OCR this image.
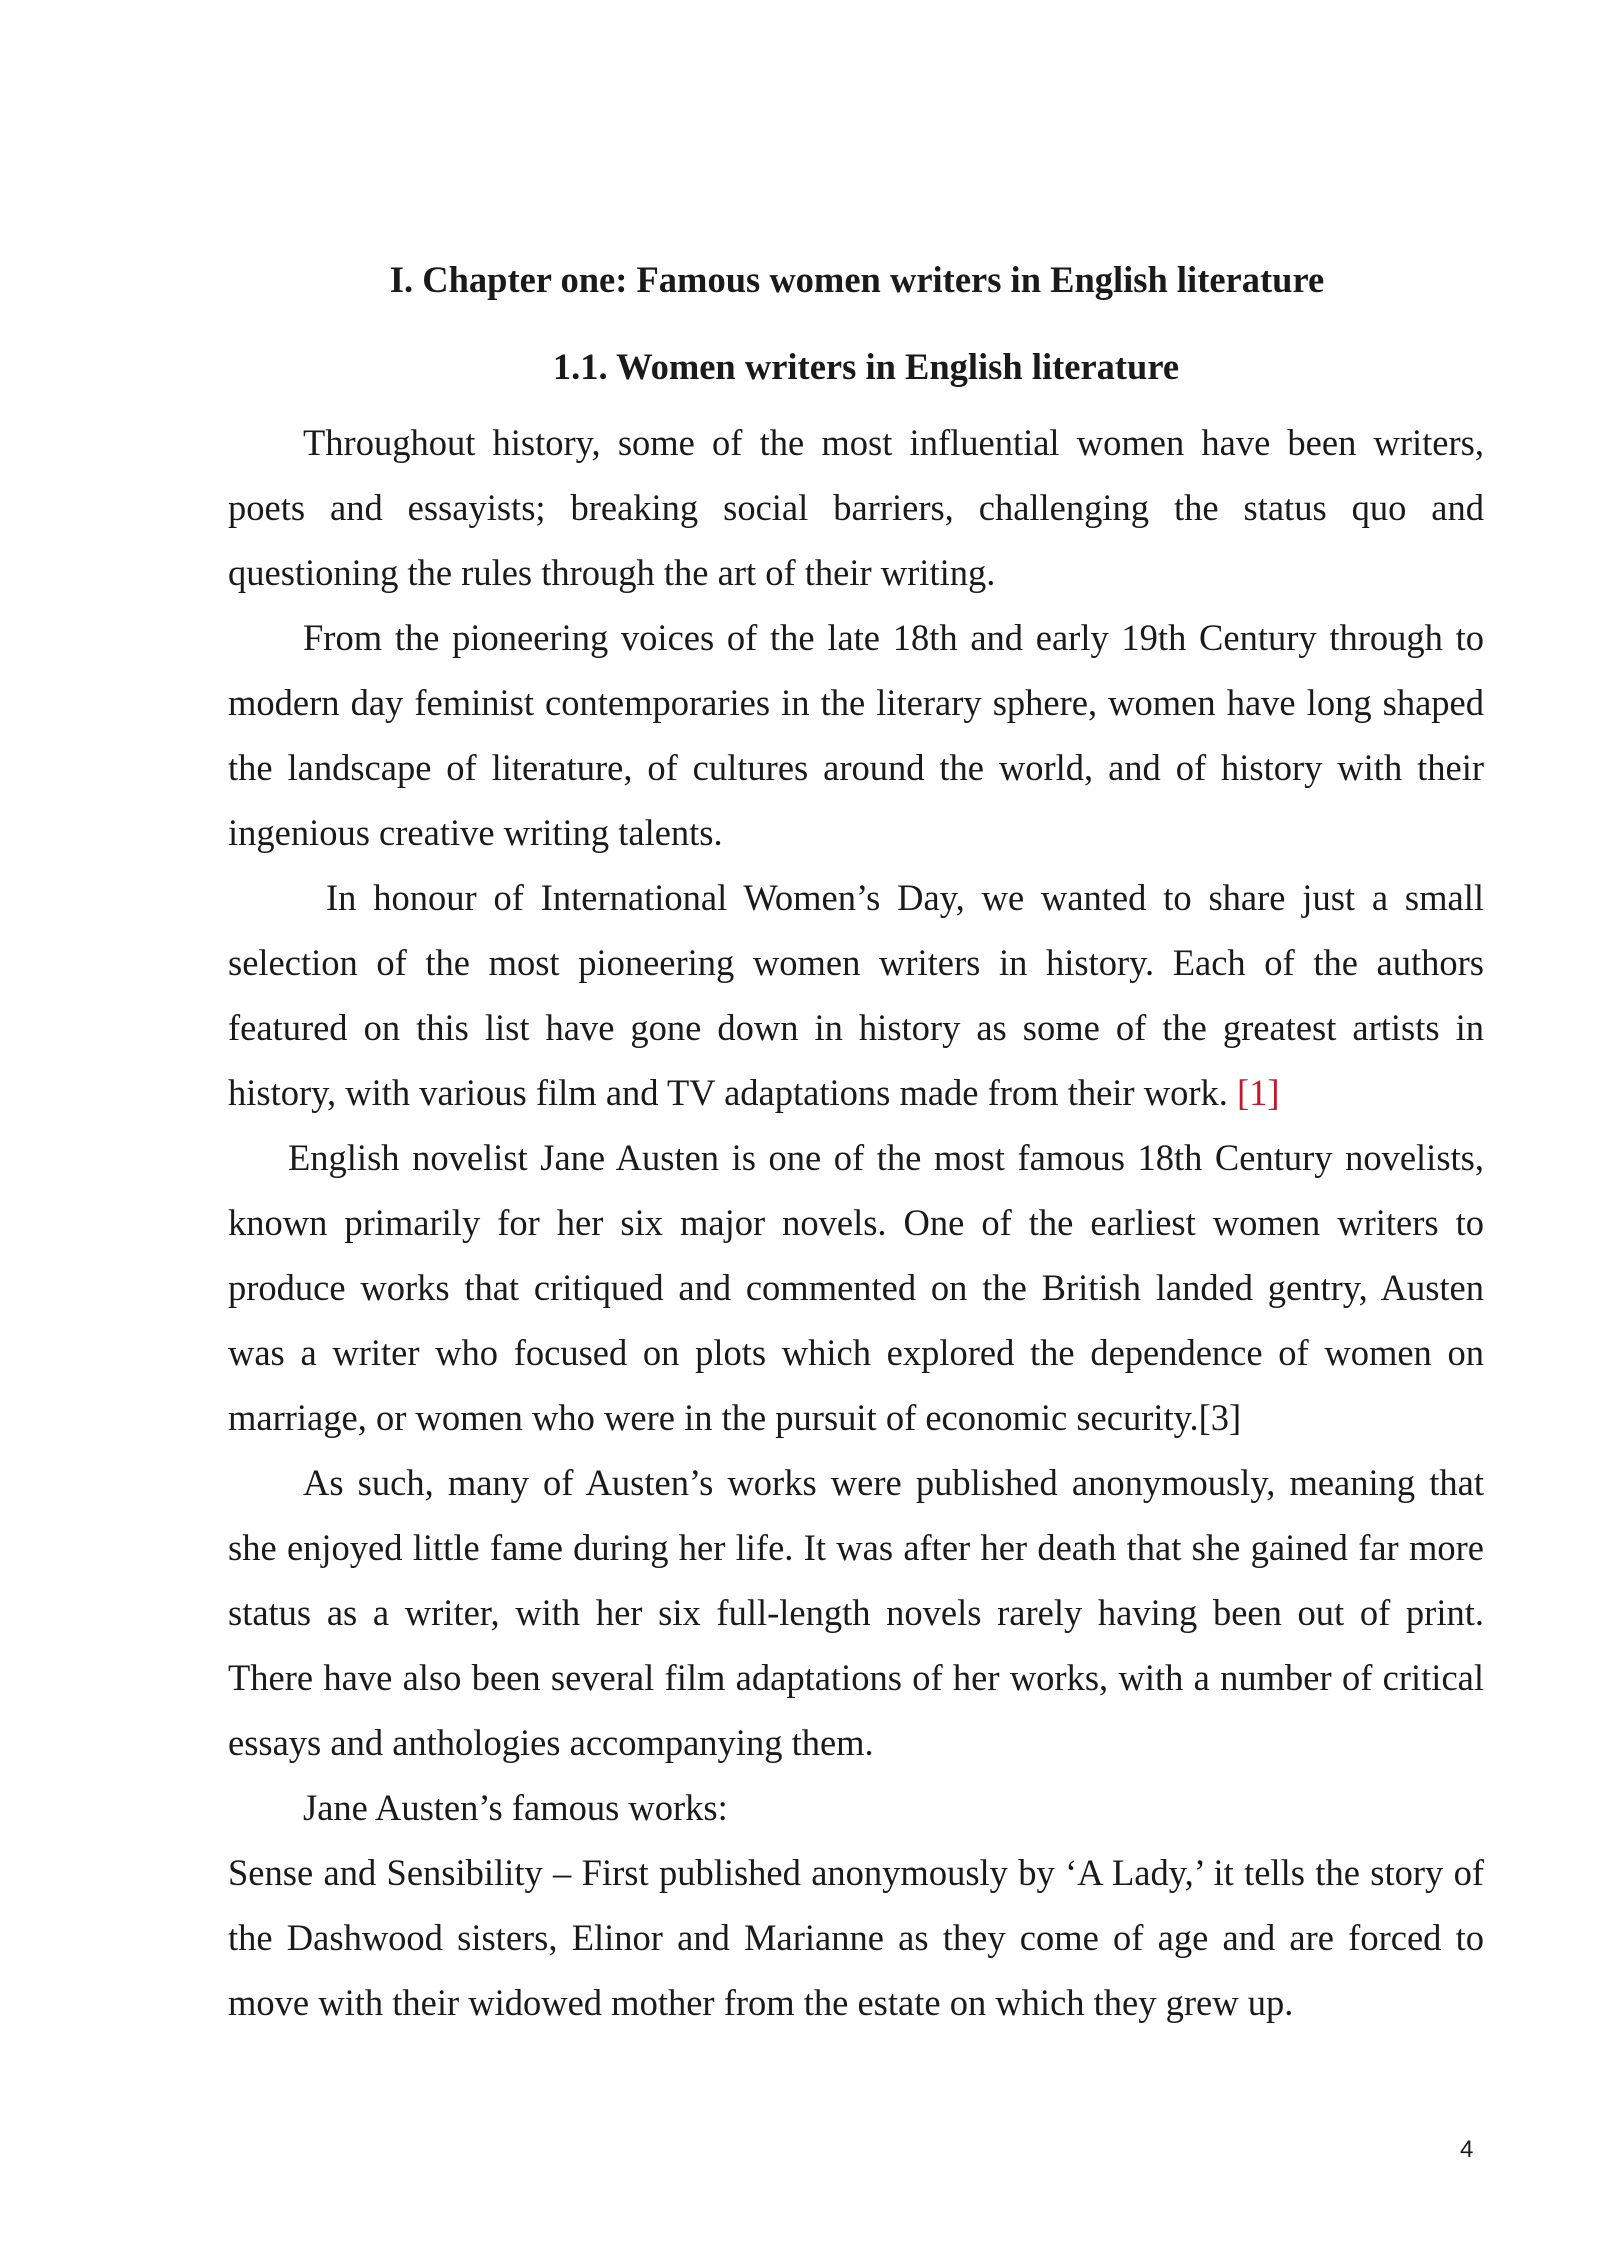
I. Chapter one: Famous women writers in English literature
1.1. Women writers in English literature

Throughout history, some of the most influential women have been writers, poets and essayists; breaking social barriers, challenging the status quo and questioning the rules through the art of their writing.

From the pioneering voices of the late 18th and early 19th Century through to modern day feminist contemporaries in the literary sphere, women have long shaped the landscape of literature, of cultures around the world, and of history with their ingenious creative writing talents.

In honour of International Women’s Day, we wanted to share just a small selection of the most pioneering women writers in history. Each of the authors featured on this list have gone down in history as some of the greatest artists in history, with various film and TV adaptations made from their work. [1]

English novelist Jane Austen is one of the most famous 18th Century novelists, known primarily for her six major novels. One of the earliest women writers to produce works that critiqued and commented on the British landed gentry, Austen was a writer who focused on plots which explored the dependence of women on marriage, or women who were in the pursuit of economic security.[3]

As such, many of Austen’s works were published anonymously, meaning that she enjoyed little fame during her life. It was after her death that she gained far more status as a writer, with her six full-length novels rarely having been out of print. There have also been several film adaptations of her works, with a number of critical essays and anthologies accompanying them.

Jane Austen’s famous works:

Sense and Sensibility – First published anonymously by ‘A Lady,’ it tells the story of the Dashwood sisters, Elinor and Marianne as they come of age and are forced to move with their widowed mother from the estate on which they grew up.

4
